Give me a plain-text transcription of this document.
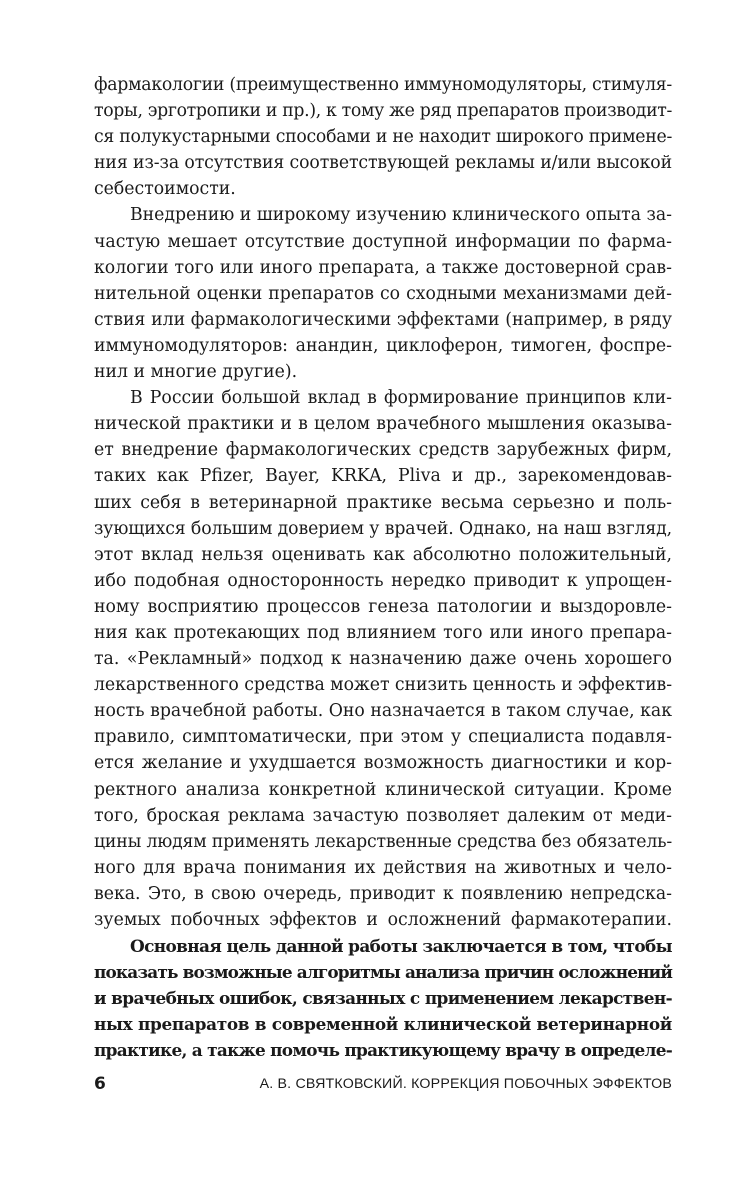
фармакологии (преимущественно иммуномодуляторы, стимуля-
торы, эрготропики и пр.), к тому же ряд препаратов производит-
ся полукустарными способами и не находит широкого примене-
ния из-за отсутствия соответствующей рекламы и/или высокой
себестоимости.
Внедрению и широкому изучению клинического опыта за-
частую мешает отсутствие доступной информации по фарма-
кологии того или иного препарата, а также достоверной срав-
нительной оценки препаратов со сходными механизмами дей-
ствия или фармакологическими эффектами (например, в ряду
иммуномодуляторов: анандин, циклоферон, тимоген, фоспре-
нил и многие другие).
В России большой вклад в формирование принципов кли-
нической практики и в целом врачебного мышления оказыва-
ет внедрение фармакологических средств зарубежных фирм,
таких как Pfizer, Bayer, KRKA, Pliva и др., зарекомендовав-
ших себя в ветеринарной практике весьма серьезно и поль-
зующихся большим доверием у врачей. Однако, на наш взгляд,
этот вклад нельзя оценивать как абсолютно положительный,
ибо подобная односторонность нередко приводит к упрощен-
ному восприятию процессов генеза патологии и выздоровле-
ния как протекающих под влиянием того или иного препара-
та. «Рекламный» подход к назначению даже очень хорошего
лекарственного средства может снизить ценность и эффектив-
ность врачебной работы. Оно назначается в таком случае, как
правило, симптоматически, при этом у специалиста подавля-
ется желание и ухудшается возможность диагностики и кор-
ректного анализа конкретной клинической ситуации. Кроме
того, броская реклама зачастую позволяет далеким от меди-
цины людям применять лекарственные средства без обязатель-
ного для врача понимания их действия на животных и чело-
века. Это, в свою очередь, приводит к появлению непредска-
зуемых побочных эффектов и осложнений фармакотерапии.
Основная цель данной работы заключается в том, чтобы
показать возможные алгоритмы анализа причин осложнений
и врачебных ошибок, связанных с применением лекарствен-
ных препаратов в современной клинической ветеринарной
практике, а также помочь практикующему врачу в определе-
6	А. В. СВЯТКОВСКИЙ. КОРРЕКЦИЯ ПОБОЧНЫХ ЭФФЕКТОВ
